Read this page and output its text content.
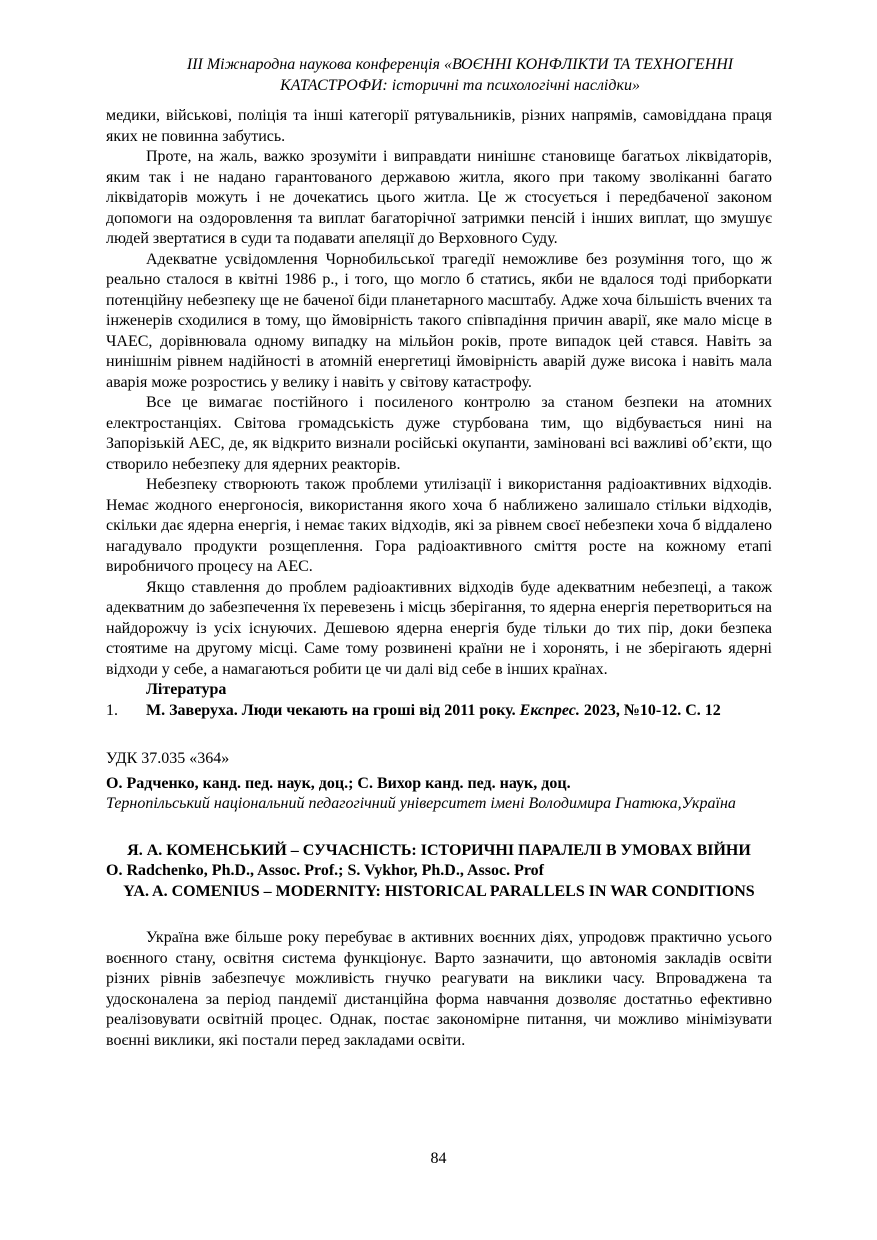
ІІІ Міжнародна наукова конференція «ВОЄННІ КОНФЛІКТИ ТА ТЕХНОГЕННІ
КАТАСТРОФИ: історичні та психологічні наслідки»

медики, військові, поліція та інші категорії рятувальників, різних напрямів, самовіддана праця яких не повинна забутись.

Проте, на жаль, важко зрозуміти і виправдати нинішнє становище багатьох ліквідаторів, яким так і не надано гарантованого державою житла, якого при такому зволіканні багато ліквідаторів можуть і не дочекатись цього житла. Це ж стосується і передбаченої законом допомоги на оздоровлення та виплат багаторічної затримки пенсій і інших виплат, що змушує людей звертатися в суди та подавати апеляції до Верховного Суду.

Адекватне усвідомлення Чорнобильської трагедії неможливе без розуміння того, що ж реально сталося в квітні 1986 р., і того, що могло б статись, якби не вдалося тоді приборкати потенційну небезпеку ще не баченої біди планетарного масштабу. Адже хоча більшість вчених та інженерів сходилися в тому, що ймовірність такого співпадіння причин аварії, яке мало місце в ЧАЕС, дорівнювала одному випадку на мільйон років, проте випадок цей стався. Навіть за нинішнім рівнем надійності в атомній енергетиці ймовірність аварій дуже висока і навіть мала аварія може розростись у велику і навіть у світову катастрофу.

Все це вимагає постійного і посиленого контролю за станом безпеки на атомних електростанціях. Світова громадськість дуже стурбована тим, що відбувається нині на Запорізькій АЕС, де, як відкрито визнали російські окупанти, заміновані всі важливі об’єкти, що створило небезпеку для ядерних реакторів.

Небезпеку створюють також проблеми утилізації і використання радіоактивних відходів. Немає жодного енергоносія, використання якого хоча б наближено залишало стільки відходів, скільки дає ядерна енергія, і немає таких відходів, які за рівнем своєї небезпеки хоча б віддалено нагадувало продукти розщеплення. Гора радіоактивного сміття росте на кожному етапі виробничого процесу на АЕС.

Якщо ставлення до проблем радіоактивних відходів буде адекватним небезпеці, а також адекватним до забезпечення їх перевезень і місць зберігання, то ядерна енергія перетвориться на найдорожчу із усіх існуючих. Дешевою ядерна енергія буде тільки до тих пір, доки безпека стоятиме на другому місці. Саме тому розвинені країни не і хоронять, і не зберігають ядерні відходи у себе, а намагаються робити це чи далі від себе в інших країнах.

Література

1.	М. Заверуха. Люди чекають на гроші від 2011 року. Експрес. 2023, №10-12. С. 12

УДК 37.035 «364»

О. Радченко, канд. пед. наук, доц.; С. Вихор канд. пед. наук, доц.

Тернопільський національний педагогічний університет імені Володимира Гнатюка,Україна

Я. А. КОМЕНСЬКИЙ – СУЧАСНІСТЬ: ІСТОРИЧНІ ПАРАЛЕЛІ В УМОВАХ ВІЙНИ

O. Radchenko, Ph.D., Assoc. Prof.; S. Vykhor, Ph.D., Assoc. Prof

YA. A. COMENIUS – MODERNITY: HISTORICAL PARALLELS IN WAR CONDITIONS

Україна вже більше року перебуває в активних воєнних діях, упродовж практично усього воєнного стану, освітня система функціонує. Варто зазначити, що автономія закладів освіти різних рівнів забезпечує можливість гнучко реагувати на виклики часу. Впроваджена та удосконалена за період пандемії дистанційна форма навчання дозволяє достатньо ефективно реалізовувати освітній процес. Однак, постає закономірне питання, чи можливо мінімізувати воєнні виклики, які постали перед закладами освіти.

84
